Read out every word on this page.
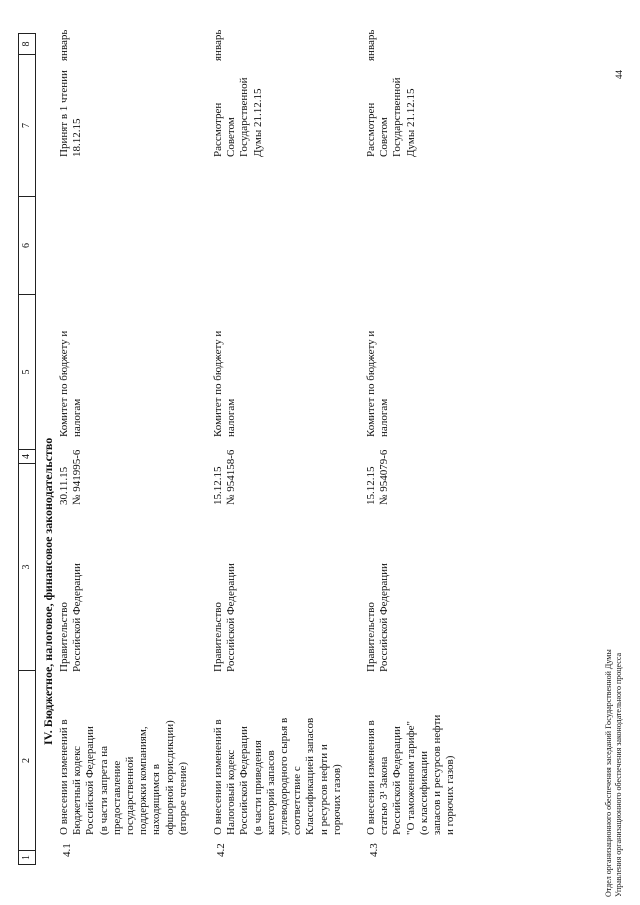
1
2
3
4
5
6
7
8
IV. Бюджетное, налоговое, финансовое законодательство
4.1
О внесении изменений в Бюджетный кодекс Российской Федерации (в части запрета на предоставление государственной поддержки компаниям, находящимся в офшорной юрисдикции) (второе чтение)
Правительство Российской Федерации
30.11.15 № 941995-6
Комитет по бюджету и налогам
Принят в 1 чтении 18.12.15
январь
4.2
О внесении изменений в Налоговый кодекс Российской Федерации (в части приведения категорий запасов углеводородного сырья в соответствие с Классификацией запасов и ресурсов нефти и горючих газов)
Правительство Российской Федерации
15.12.15 № 954158-6
Комитет по бюджету и налогам
Рассмотрен Советом Государственной Думы 21.12.15
январь
4.3
О внесении изменения в статью 3¹ Закона Российской Федерации "О таможенном тарифе" (о классификации запасов и ресурсов нефти и горючих газов)
Правительство Российской Федерации
15.12.15 № 954079-6
Комитет по бюджету и налогам
Рассмотрен Советом Государственной Думы 21.12.15
январь
Отдел организационного обеспечения заседаний Государственной Думы Управления организационного обеспечения законодательного процесса
44
